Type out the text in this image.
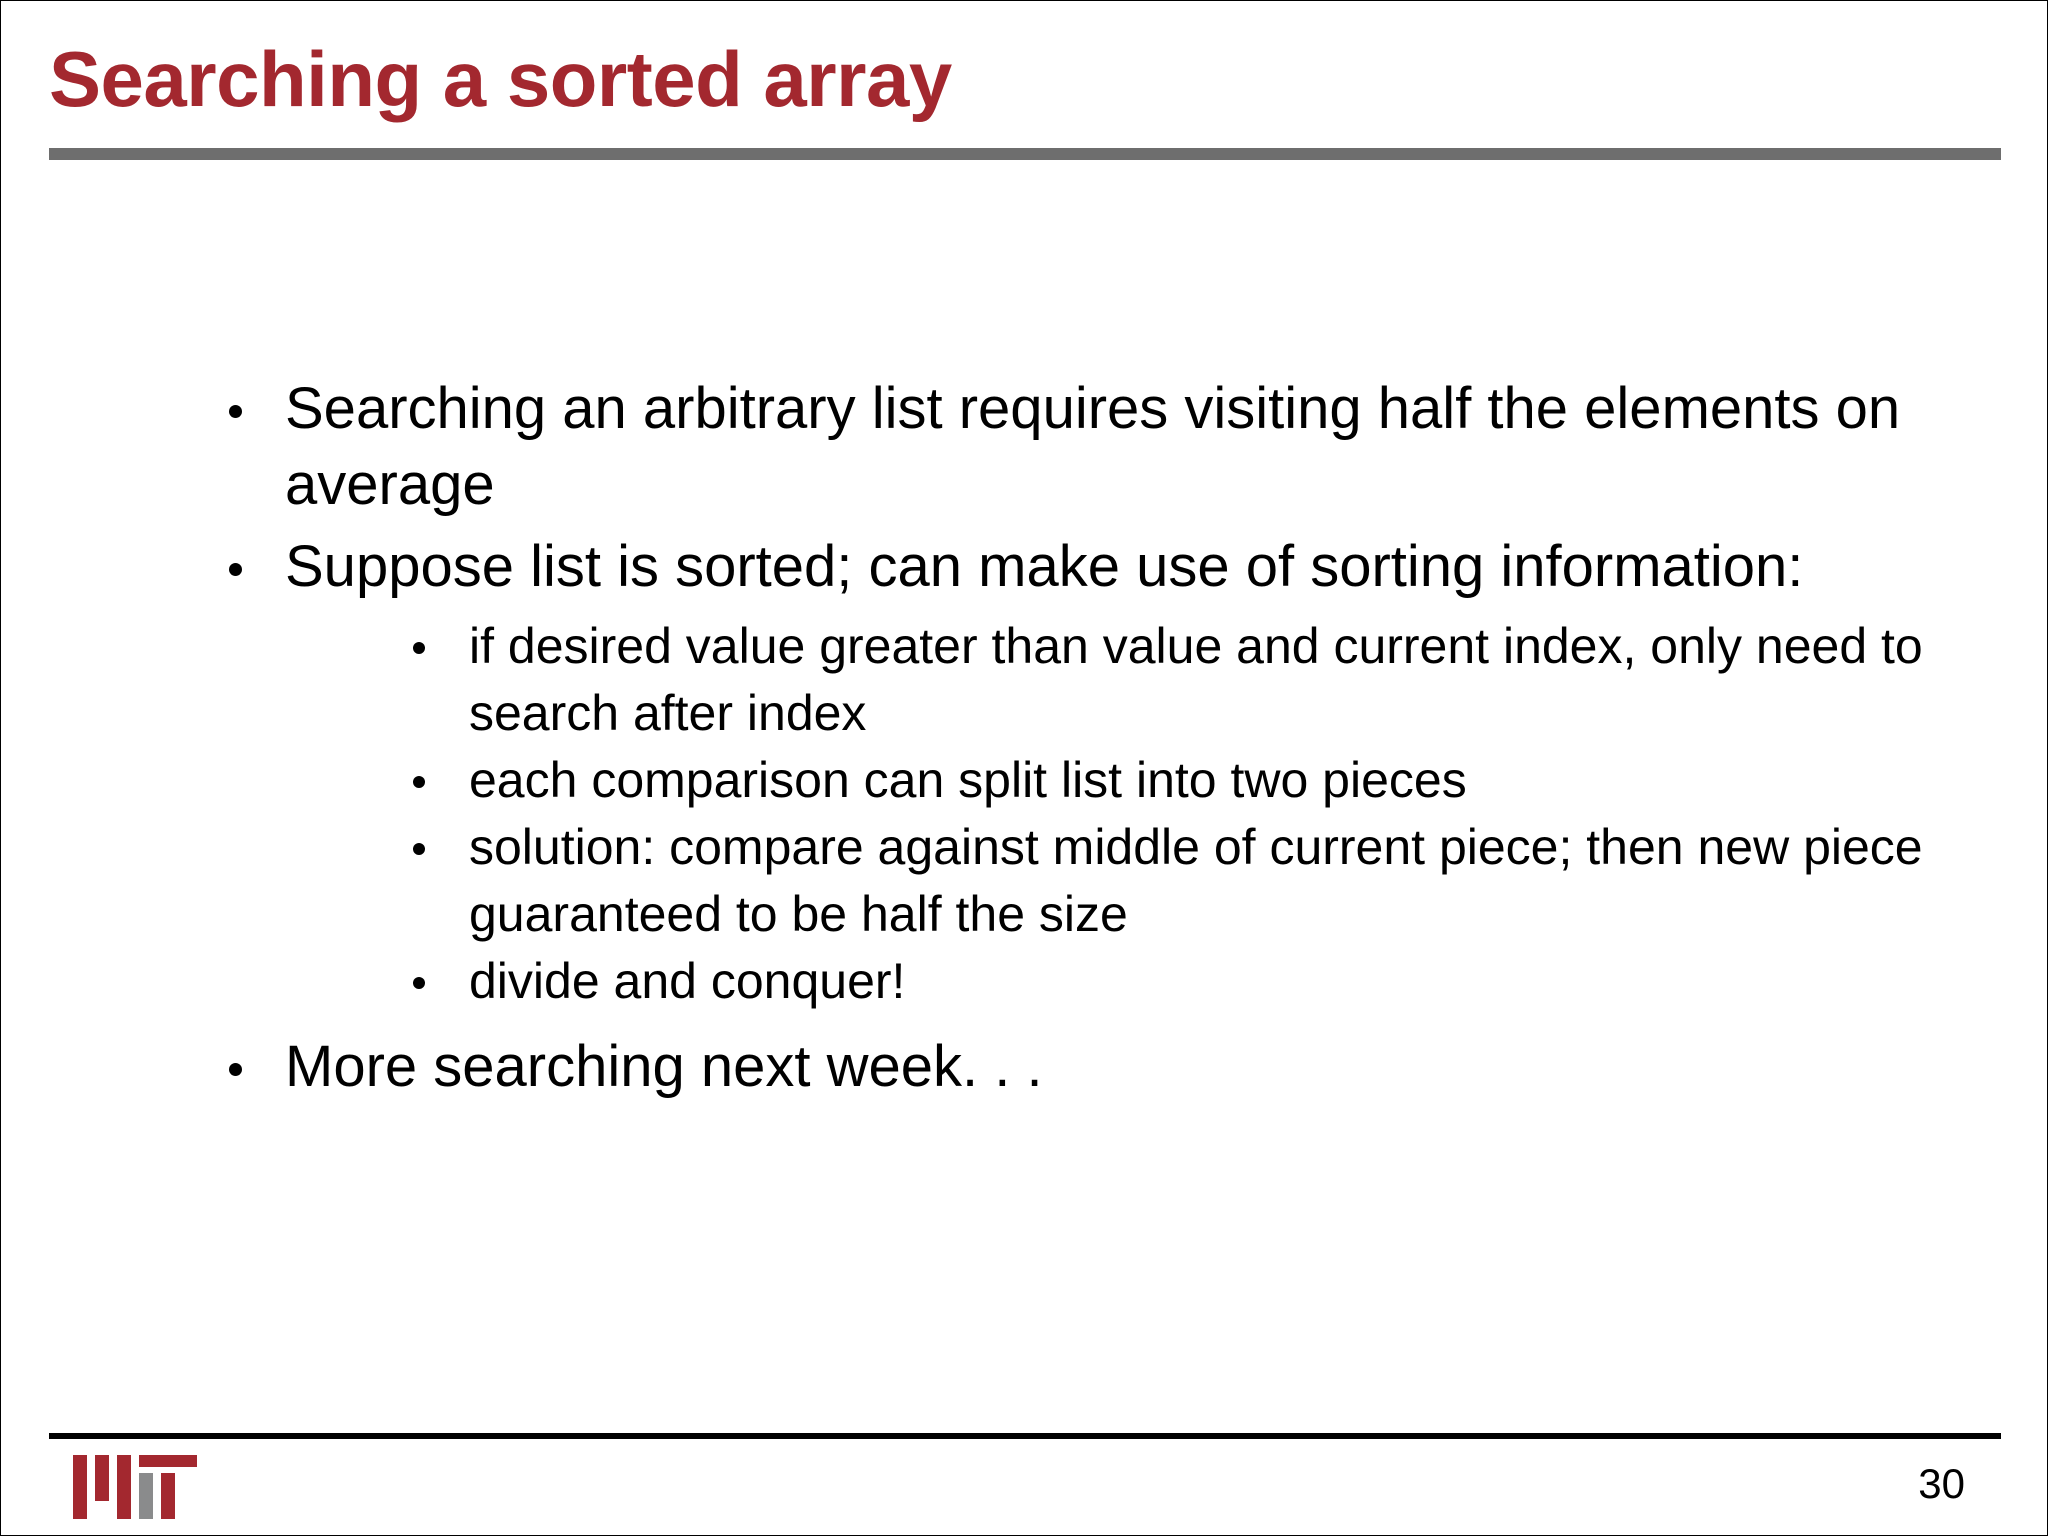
Searching a sorted array
Searching an arbitrary list requires visiting half the elements on average
Suppose list is sorted; can make use of sorting information:
if desired value greater than value and current index, only need to search after index
each comparison can split list into two pieces
solution: compare against middle of current piece; then new piece guaranteed to be half the size
divide and conquer!
More searching next week. . .
30
